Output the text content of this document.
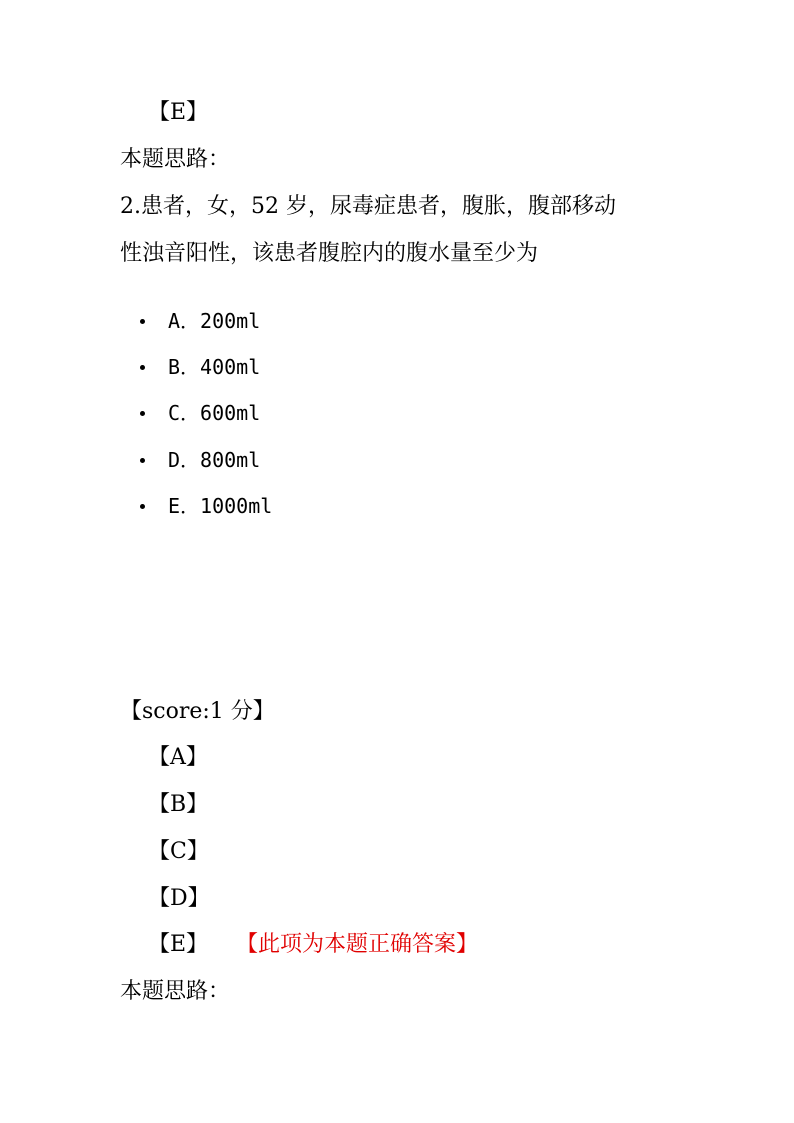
【E】
本题思路：
2.患者，女，52 岁，尿毒症患者，腹胀，腹部移动
性浊音阳性，该患者腹腔内的腹水量至少为
A．200ml
B．400ml
C．600ml
D．800ml
E．1000ml
【score:1 分】
【A】
【B】
【C】
【D】
【E】 【此项为本题正确答案】
本题思路：
